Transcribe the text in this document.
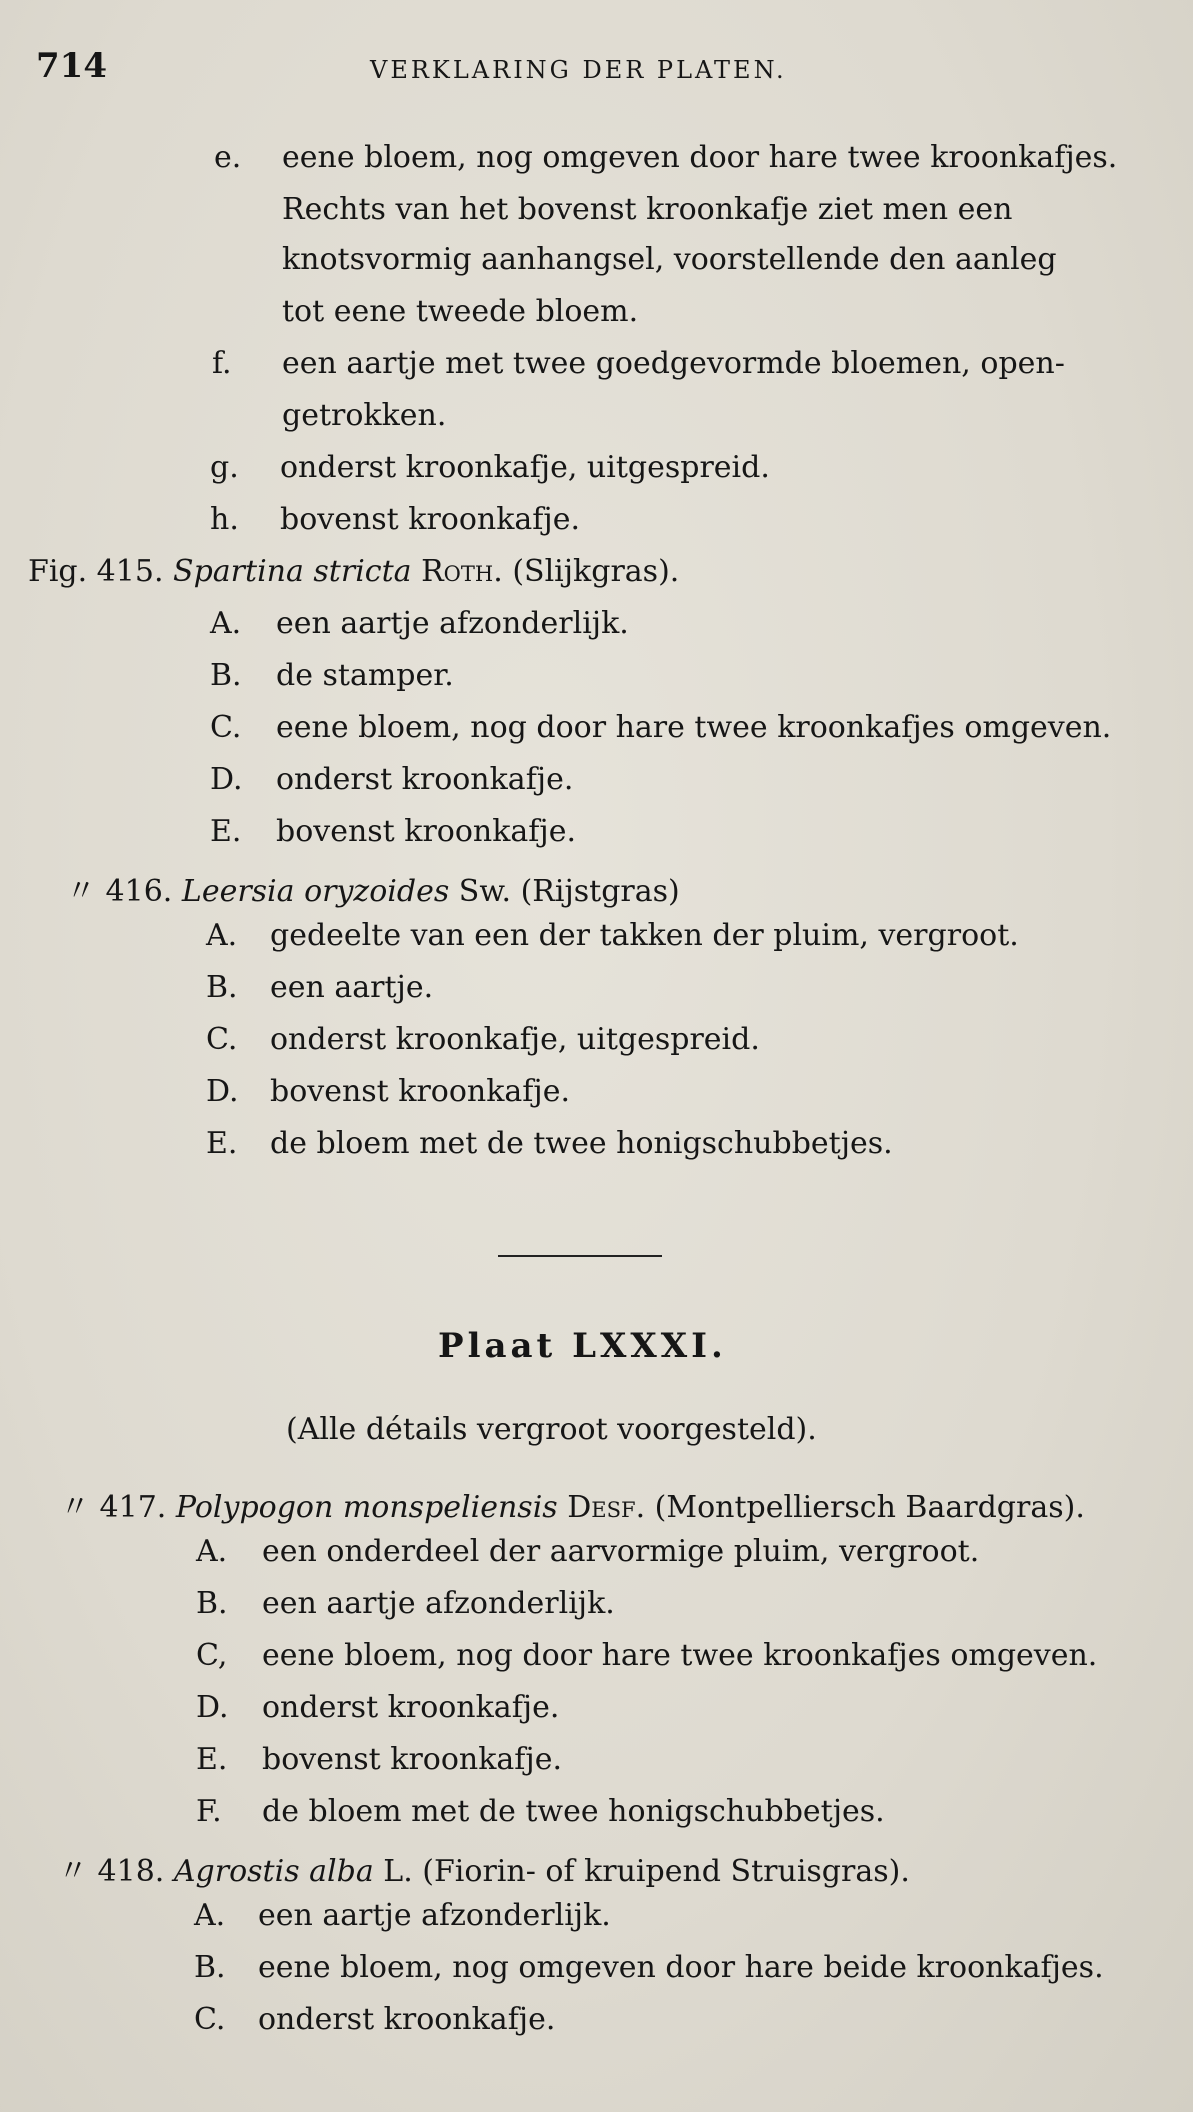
714	VERKLARING DER PLATEN.
e. eene bloem, nog omgeven door hare twee kroonkafjes.
Rechts van het bovenst kroonkafje ziet men een
knotsvormig aanhangsel, voorstellende den aanleg
tot eene tweede bloem.
f. een aartje met twee goedgevormde bloemen, open-
getrokken.
g. onderst kroonkafje, uitgespreid.
h. bovenst kroonkafje.
Fig. 415. Spartina stricta Roth. (Slijkgras).
A. een aartje afzonderlijk.
B. de stamper.
C. eene bloem, nog door hare twee kroonkafjes omgeven.
D. onderst kroonkafje.
E. bovenst kroonkafje.
〃 416. Leersia oryzoides Sw. (Rijstgras)
A. gedeelte van een der takken der pluim, vergroot.
B. een aartje.
C. onderst kroonkafje, uitgespreid.
D. bovenst kroonkafje.
E. de bloem met de twee honigschubbetjes.
Plaat LXXXI.
(Alle détails vergroot voorgesteld).
〃 417. Polypogon monspeliensis Desf. (Montpelliersch Baardgras).
A. een onderdeel der aarvormige pluim, vergroot.
B. een aartje afzonderlijk.
C, eene bloem, nog door hare twee kroonkafjes omgeven.
D. onderst kroonkafje.
E. bovenst kroonkafje.
F. de bloem met de twee honigschubbetjes.
〃 418. Agrostis alba L. (Fiorin- of kruipend Struisgras).
A. een aartje afzonderlijk.
B. eene bloem, nog omgeven door hare beide kroonkafjes.
C. onderst kroonkafje.
